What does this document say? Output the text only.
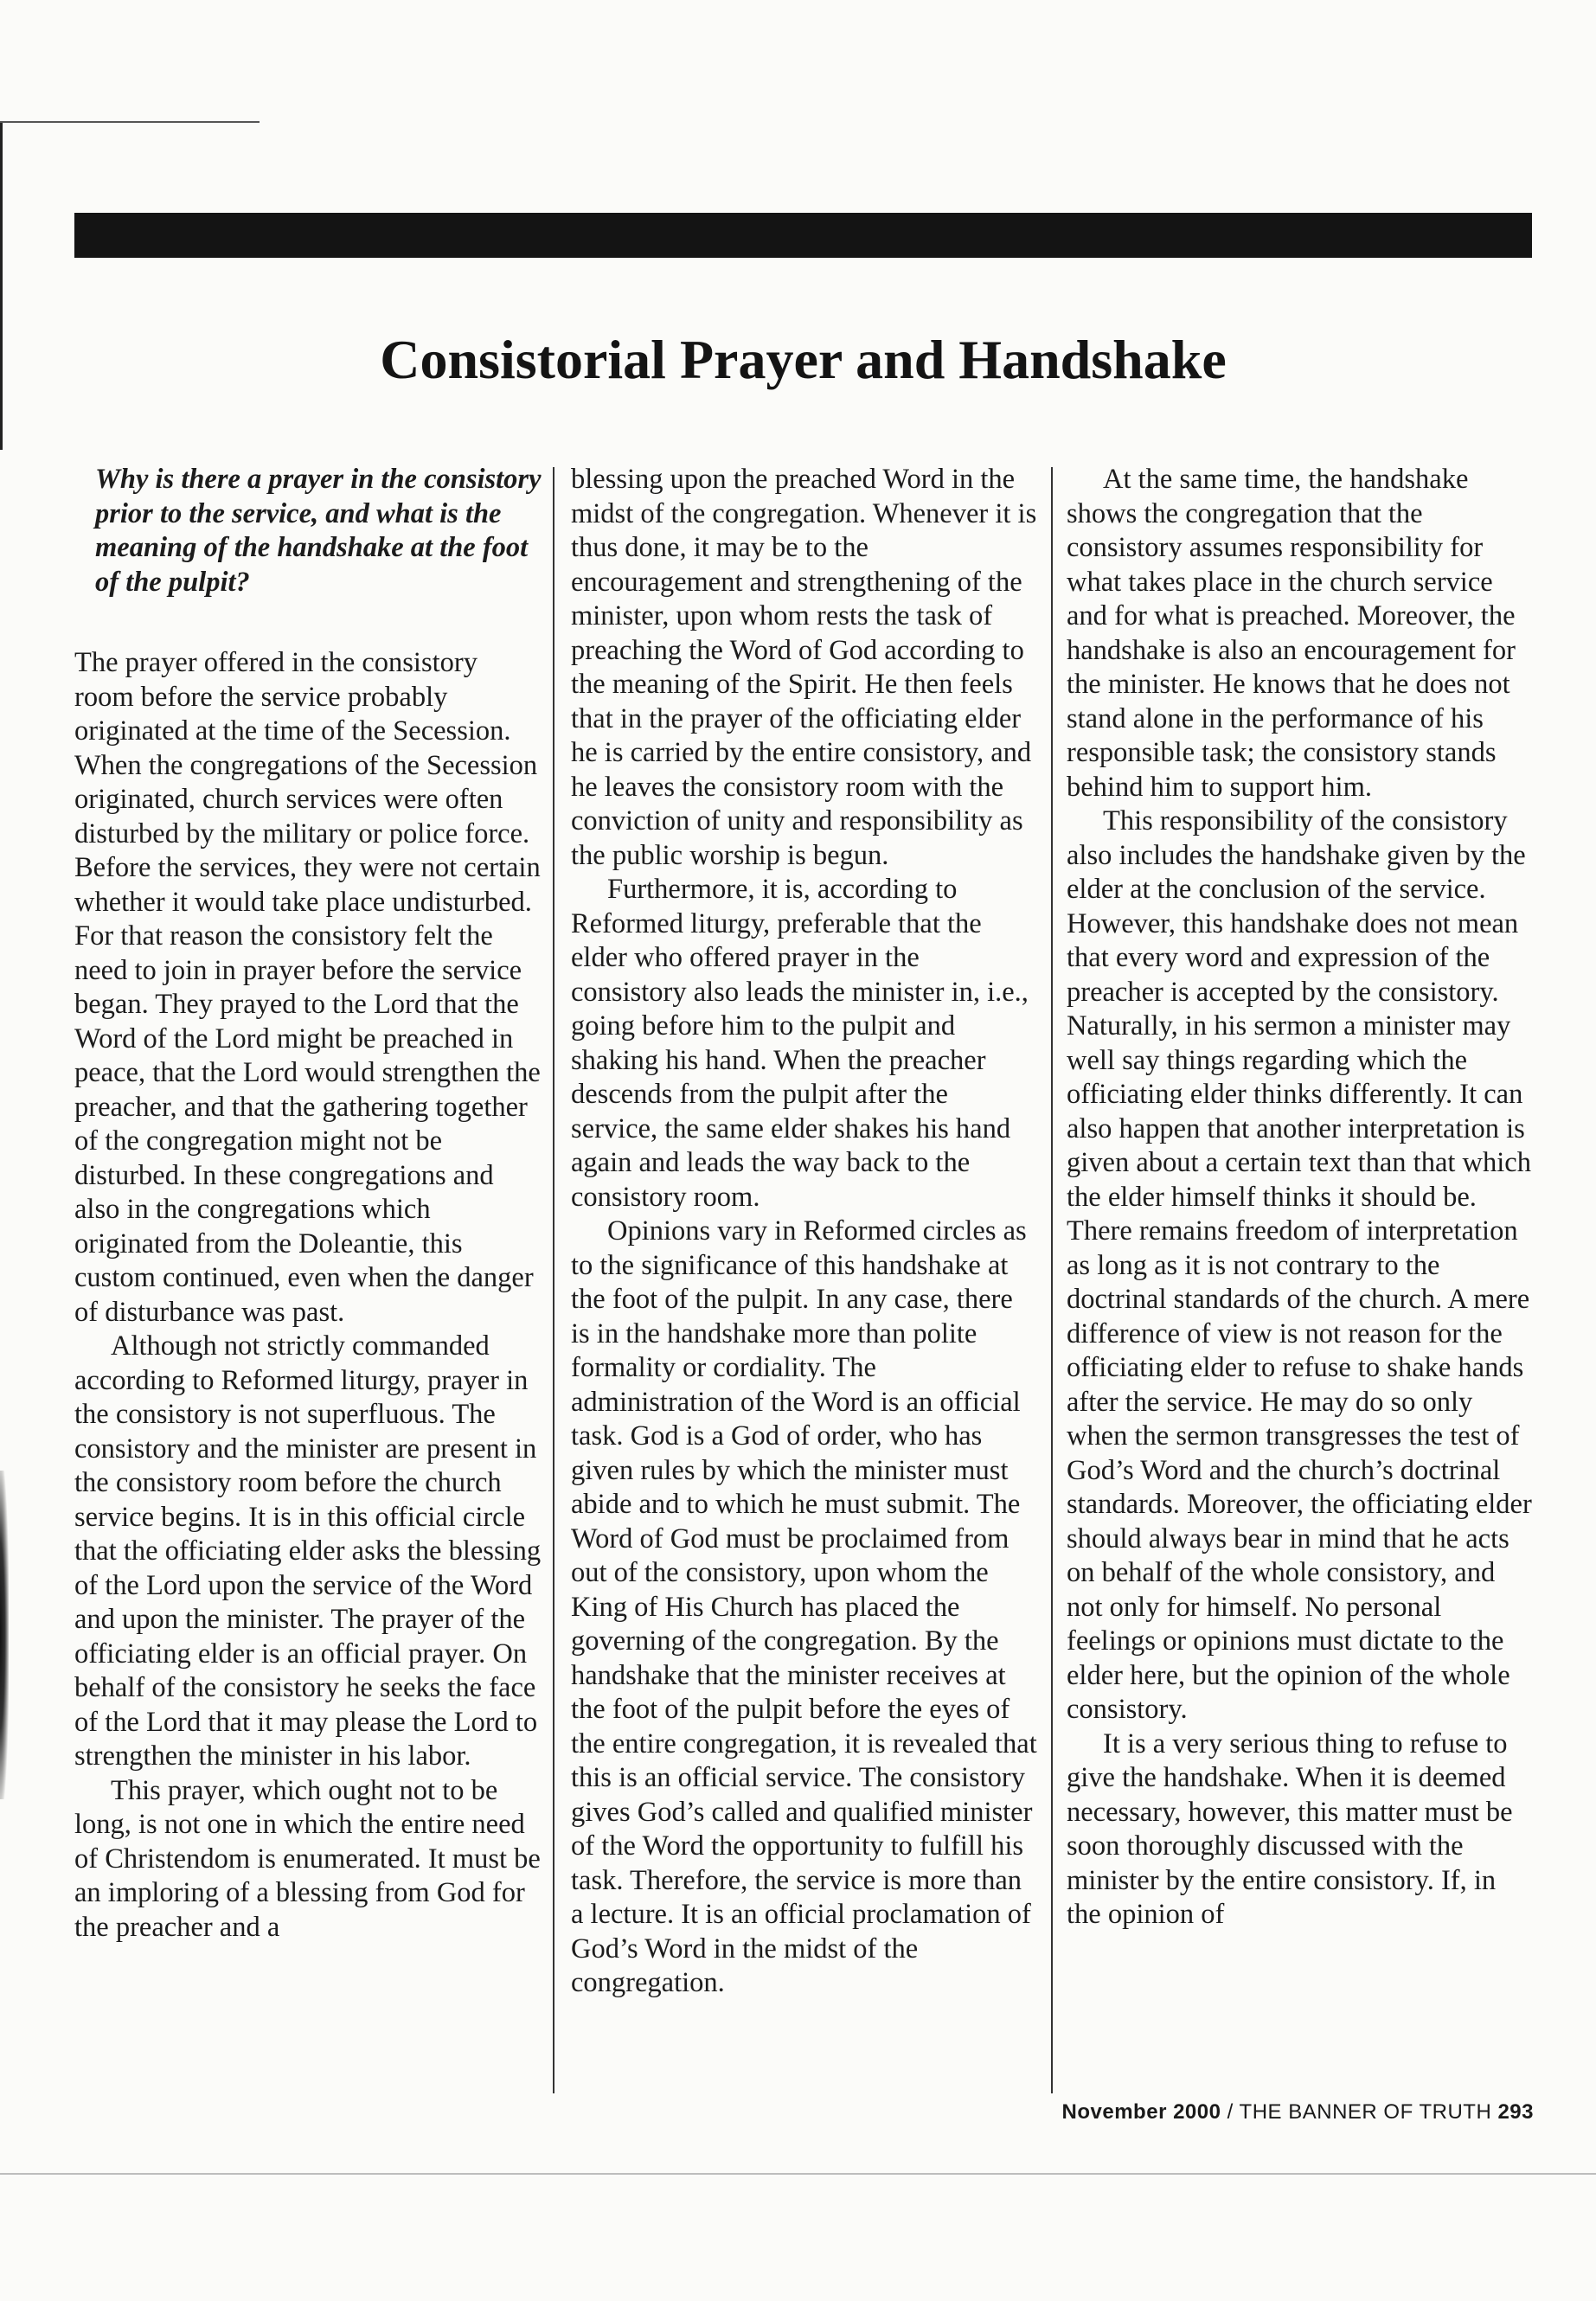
Consistorial Prayer and Handshake

Why is there a prayer in the consistory prior to the service, and what is the meaning of the handshake at the foot of the pulpit?

The prayer offered in the consistory room before the service probably originated at the time of the Secession. When the congregations of the Secession originated, church services were often disturbed by the military or police force. Before the services, they were not certain whether it would take place undisturbed. For that reason the consistory felt the need to join in prayer before the service began. They prayed to the Lord that the Word of the Lord might be preached in peace, that the Lord would strengthen the preacher, and that the gathering together of the congregation might not be disturbed. In these congregations and also in the congregations which originated from the Doleantie, this custom continued, even when the danger of disturbance was past.

Although not strictly commanded according to Reformed liturgy, prayer in the consistory is not superfluous. The consistory and the minister are present in the consistory room before the church service begins. It is in this official circle that the officiating elder asks the blessing of the Lord upon the service of the Word and upon the minister. The prayer of the officiating elder is an official prayer. On behalf of the consistory he seeks the face of the Lord that it may please the Lord to strengthen the minister in his labor.

This prayer, which ought not to be long, is not one in which the entire need of Christendom is enumerated. It must be an imploring of a blessing from God for the preacher and a

blessing upon the preached Word in the midst of the congregation. Whenever it is thus done, it may be to the encouragement and strengthening of the minister, upon whom rests the task of preaching the Word of God according to the meaning of the Spirit. He then feels that in the prayer of the officiating elder he is carried by the entire consistory, and he leaves the consistory room with the conviction of unity and responsibility as the public worship is begun.

Furthermore, it is, according to Reformed liturgy, preferable that the elder who offered prayer in the consistory also leads the minister in, i.e., going before him to the pulpit and shaking his hand. When the preacher descends from the pulpit after the service, the same elder shakes his hand again and leads the way back to the consistory room.

Opinions vary in Reformed circles as to the significance of this handshake at the foot of the pulpit. In any case, there is in the handshake more than polite formality or cordiality. The administration of the Word is an official task. God is a God of order, who has given rules by which the minister must abide and to which he must submit. The Word of God must be proclaimed from out of the consistory, upon whom the King of His Church has placed the governing of the congregation. By the handshake that the minister receives at the foot of the pulpit before the eyes of the entire congregation, it is revealed that this is an official service. The consistory gives God’s called and qualified minister of the Word the opportunity to fulfill his task. Therefore, the service is more than a lecture. It is an official proclamation of God’s Word in the midst of the congregation.

At the same time, the handshake shows the congregation that the consistory assumes responsibility for what takes place in the church service and for what is preached. Moreover, the handshake is also an encouragement for the minister. He knows that he does not stand alone in the performance of his responsible task; the consistory stands behind him to support him.

This responsibility of the consistory also includes the handshake given by the elder at the conclusion of the service. However, this handshake does not mean that every word and expression of the preacher is accepted by the consistory. Naturally, in his sermon a minister may well say things regarding which the officiating elder thinks differently. It can also happen that another interpretation is given about a certain text than that which the elder himself thinks it should be. There remains freedom of interpretation as long as it is not contrary to the doctrinal standards of the church. A mere difference of view is not reason for the officiating elder to refuse to shake hands after the service. He may do so only when the sermon transgresses the test of God’s Word and the church’s doctrinal standards. Moreover, the officiating elder should always bear in mind that he acts on behalf of the whole consistory, and not only for himself. No personal feelings or opinions must dictate to the elder here, but the opinion of the whole consistory.

It is a very serious thing to refuse to give the handshake. When it is deemed necessary, however, this matter must be soon thoroughly discussed with the minister by the entire consistory. If, in the opinion of

November 2000 / THE BANNER OF TRUTH 293
